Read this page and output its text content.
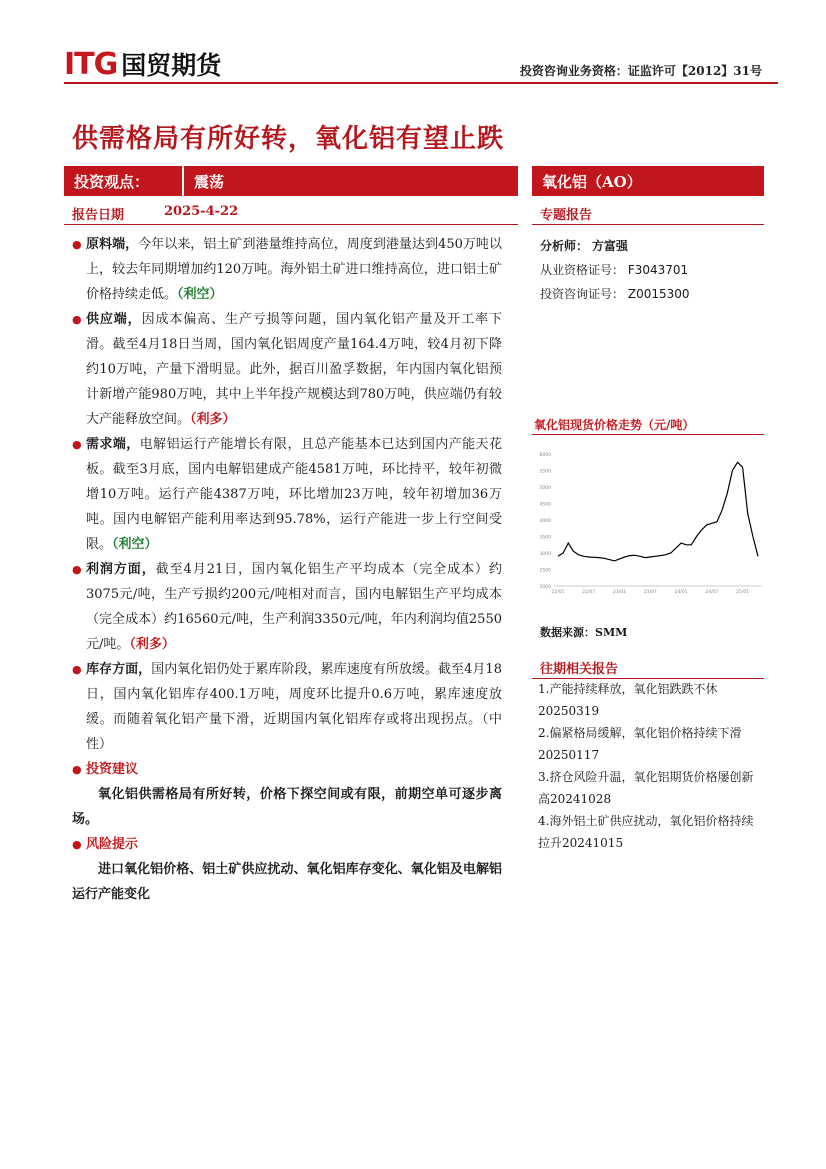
ITG 国贸期货	投资咨询业务资格：证监许可【2012】31号
供需格局有所好转，氧化铝有望止跌
投资观点：	震荡	氧化铝（AO）
报告日期	2025-4-22	专题报告

● 原料端，今年以来，铝土矿到港量维持高位，周度到港量达到450万吨以上，较去年同期增加约120万吨。海外铝土矿进口维持高位，进口铝土矿价格持续走低。（利空）

● 供应端，因成本偏高、生产亏损等问题，国内氧化铝产量及开工率下滑。截至4月18日当周，国内氧化铝周度产量164.4万吨，较4月初下降约10万吨，产量下滑明显。此外，据百川盈孚数据，年内国内氧化铝预计新增产能980万吨，其中上半年投产规模达到780万吨，供应端仍有较大产能释放空间。（利多）

● 需求端，电解铝运行产能增长有限，且总产能基本已达到国内产能天花板。截至3月底，国内电解铝建成产能4581万吨，环比持平，较年初微增10万吨。运行产能4387万吨，环比增加23万吨，较年初增加36万吨。国内电解铝产能利用率达到95.78%，运行产能进一步上行空间受限。（利空）

● 利润方面，截至4月21日，国内氧化铝生产平均成本（完全成本）约3075元/吨，生产亏损约200元/吨相对而言，国内电解铝生产平均成本（完全成本）约16560元/吨，生产利润3350元/吨，年内利润均值2550元/吨。（利多）

● 库存方面，国内氧化铝仍处于累库阶段，累库速度有所放缓。截至4月18日，国内氧化铝库存400.1万吨，周度环比提升0.6万吨，累库速度放缓。而随着氧化铝产量下滑，近期国内氧化铝库存或将出现拐点。（中性）

● 投资建议

氧化铝供需格局有所好转，价格下探空间或有限，前期空单可逐步离场。

● 风险提示

进口氧化铝价格、铝土矿供应扰动、氧化铝库存变化、氧化铝及电解铝运行产能变化

分析师： 方富强
从业资格证号： F3043701
投资咨询证号： Z0015300
氧化铝现货价格走势（元/吨）
2000
2500
3000
3500
4000
4500
5000
5500
6000
22/01	22/07	23/01	23/07	24/01	24/07	25/01
数据来源：SMM
往期相关报告

1.产能持续释放，氧化铝跌跌不休20250319

2.偏紧格局缓解，氧化铝价格持续下滑20250117

3.挤仓风险升温，氧化铝期货价格屡创新高20241028

4.海外铝土矿供应扰动，氧化铝价格持续拉升20241015
